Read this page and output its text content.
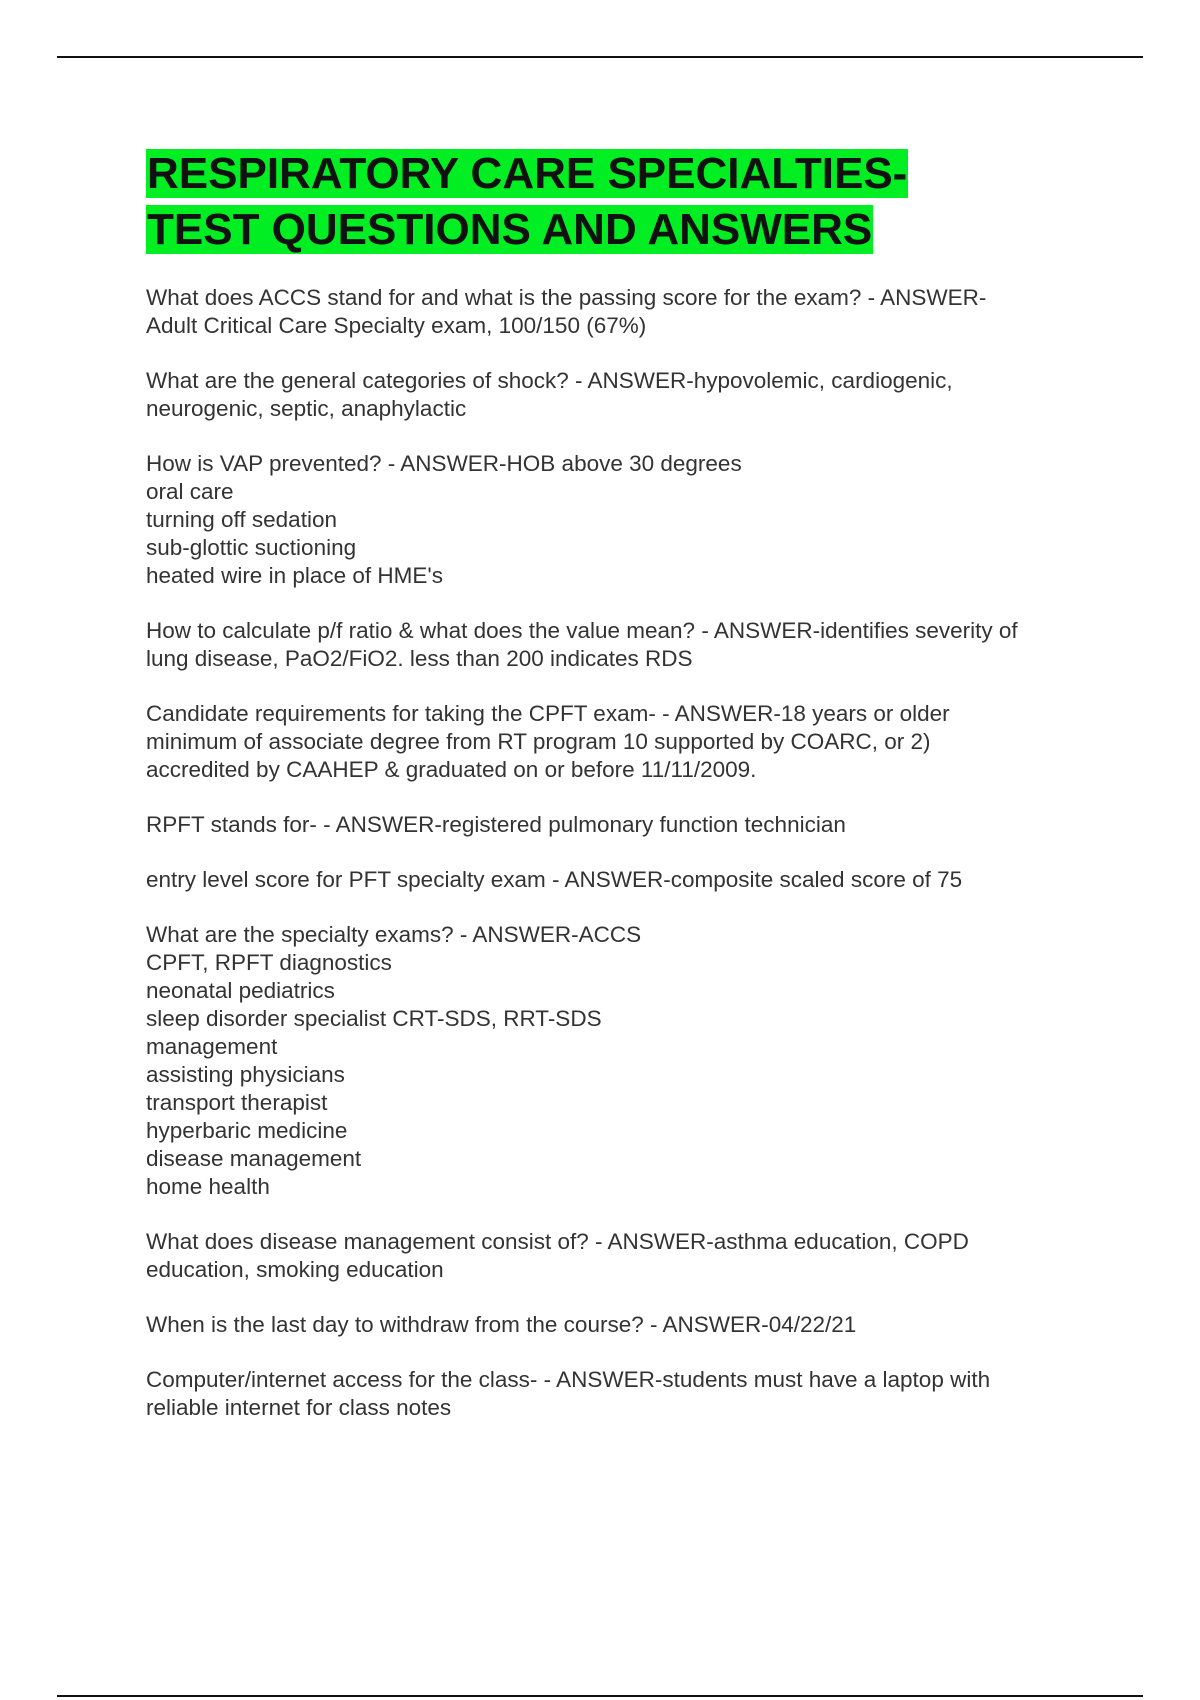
RESPIRATORY CARE SPECIALTIES-
TEST QUESTIONS AND ANSWERS

What does ACCS stand for and what is the passing score for the exam? - ANSWER-
Adult Critical Care Specialty exam, 100/150 (67%)

What are the general categories of shock? - ANSWER-hypovolemic, cardiogenic,
neurogenic, septic, anaphylactic

How is VAP prevented? - ANSWER-HOB above 30 degrees
oral care
turning off sedation
sub-glottic suctioning
heated wire in place of HME's

How to calculate p/f ratio & what does the value mean? - ANSWER-identifies severity of
lung disease, PaO2/FiO2. less than 200 indicates RDS

Candidate requirements for taking the CPFT exam- - ANSWER-18 years or older
minimum of associate degree from RT program 10 supported by COARC, or 2)
accredited by CAAHEP & graduated on or before 11/11/2009.

RPFT stands for- - ANSWER-registered pulmonary function technician

entry level score for PFT specialty exam - ANSWER-composite scaled score of 75

What are the specialty exams? - ANSWER-ACCS
CPFT, RPFT diagnostics
neonatal pediatrics
sleep disorder specialist CRT-SDS, RRT-SDS
management
assisting physicians
transport therapist
hyperbaric medicine
disease management
home health

What does disease management consist of? - ANSWER-asthma education, COPD
education, smoking education

When is the last day to withdraw from the course? - ANSWER-04/22/21

Computer/internet access for the class- - ANSWER-students must have a laptop with
reliable internet for class notes
